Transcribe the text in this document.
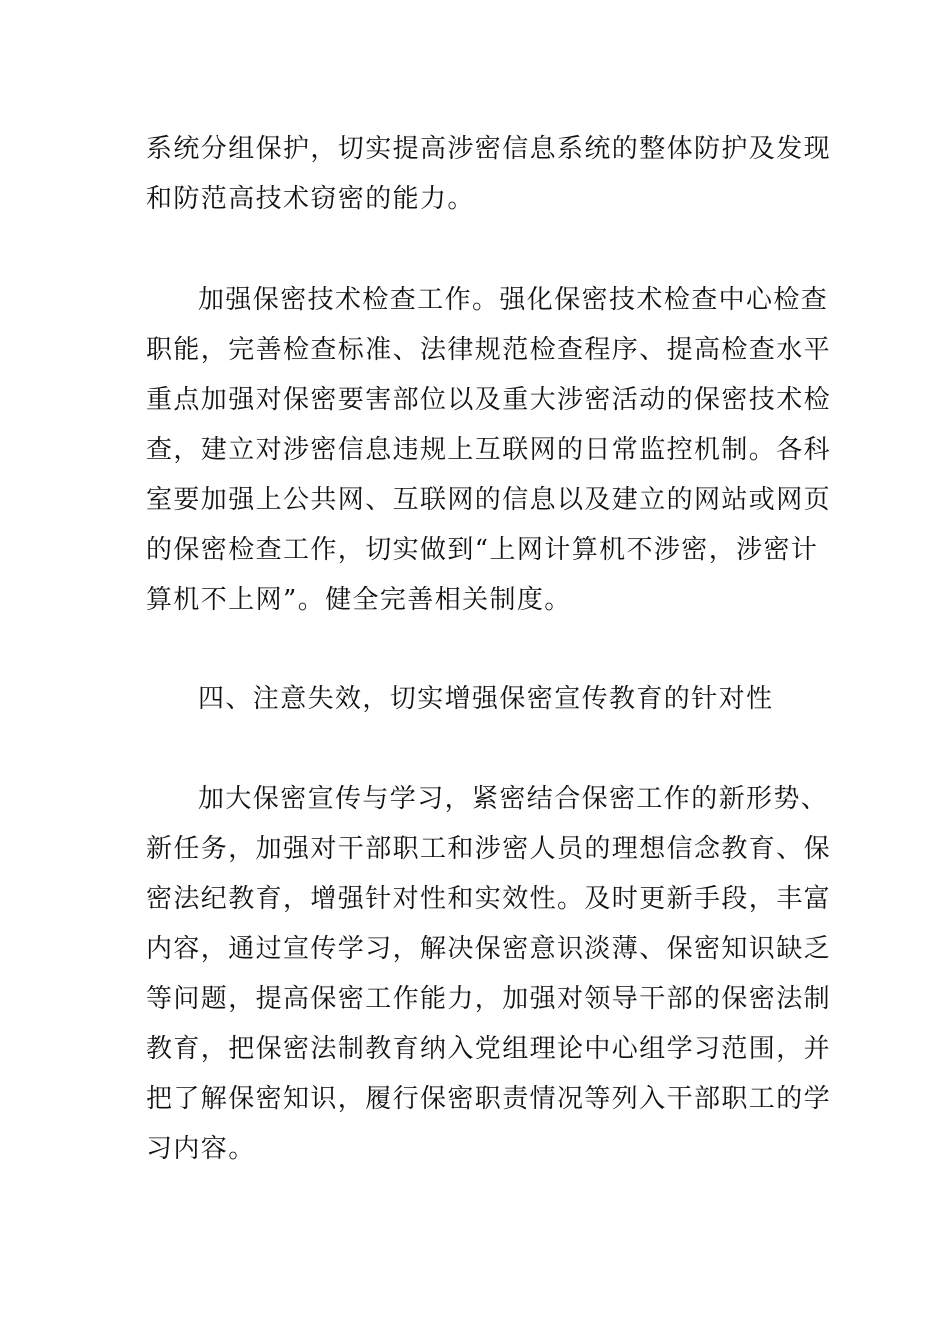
系统分组保护，切实提高涉密信息系统的整体防护及发现
和防范高技术窃密的能力。
加强保密技术检查工作。强化保密技术检查中心检查
职能，完善检查标准、法律规范检查程序、提高检查水平
重点加强对保密要害部位以及重大涉密活动的保密技术检
查，建立对涉密信息违规上互联网的日常监控机制。各科
室要加强上公共网、互联网的信息以及建立的网站或网页
的保密检查工作，切实做到“上网计算机不涉密，涉密计
算机不上网”。健全完善相关制度。
四、注意失效，切实增强保密宣传教育的针对性
加大保密宣传与学习，紧密结合保密工作的新形势、
新任务，加强对干部职工和涉密人员的理想信念教育、保
密法纪教育，增强针对性和实效性。及时更新手段，丰富
内容，通过宣传学习，解决保密意识淡薄、保密知识缺乏
等问题，提高保密工作能力，加强对领导干部的保密法制
教育，把保密法制教育纳入党组理论中心组学习范围，并
把了解保密知识，履行保密职责情况等列入干部职工的学
习内容。
